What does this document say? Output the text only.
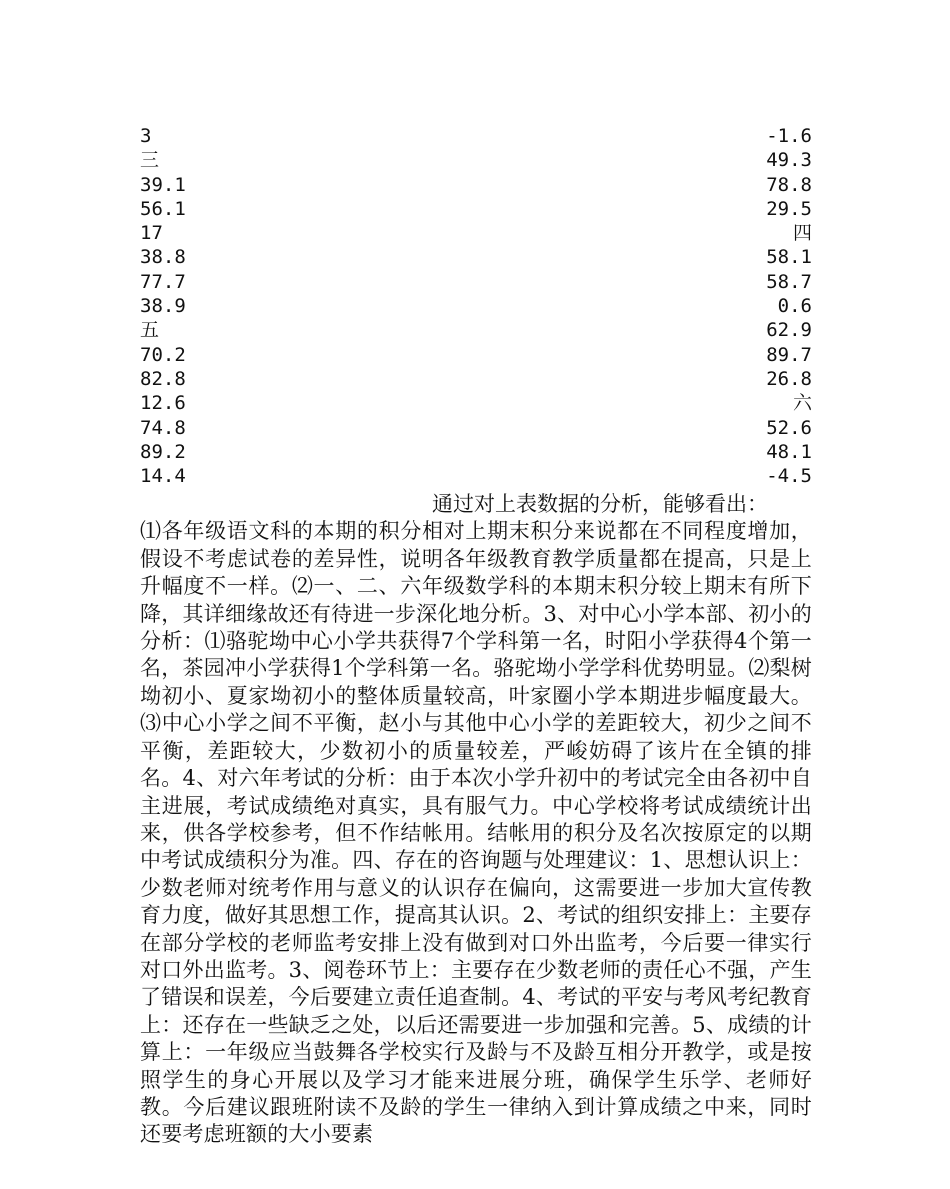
3	-1.6
三	49.3
39.1	78.8
56.1	29.5
17	四
38.8	58.1
77.7	58.7
38.9	0.6
五	62.9
70.2	89.7
82.8	26.8
12.6	六
74.8	52.6
89.2	48.1
14.4	-4.5
通过对上表数据的分析，能够看出：
⑴各年级语文科的本期的积分相对上期末积分来说都在不同程度增加，假设不考虑试卷的差异性，说明各年级教育教学质量都在提高，只是上升幅度不一样。⑵一、二、六年级数学科的本期末积分较上期末有所下降，其详细缘故还有待进一步深化地分析。3、对中心小学本部、初小的分析：⑴骆驼坳中心小学共获得7个学科第一名，时阳小学获得4个第一名，茶园冲小学获得1个学科第一名。骆驼坳小学学科优势明显。⑵梨树坳初小、夏家坳初小的整体质量较高，叶家圈小学本期进步幅度最大。⑶中心小学之间不平衡，赵小与其他中心小学的差距较大，初少之间不平衡，差距较大，少数初小的质量较差，严峻妨碍了该片在全镇的排名。4、对六年考试的分析：由于本次小学升初中的考试完全由各初中自主进展，考试成绩绝对真实，具有服气力。中心学校将考试成绩统计出来，供各学校参考，但不作结帐用。结帐用的积分及名次按原定的以期中考试成绩积分为准。四、存在的咨询题与处理建议：1、思想认识上：少数老师对统考作用与意义的认识存在偏向，这需要进一步加大宣传教育力度，做好其思想工作，提高其认识。2、考试的组织安排上：主要存在部分学校的老师监考安排上没有做到对口外出监考，今后要一律实行对口外出监考。3、阅卷环节上：主要存在少数老师的责任心不强，产生了错误和误差，今后要建立责任追查制。4、考试的平安与考风考纪教育上：还存在一些缺乏之处，以后还需要进一步加强和完善。5、成绩的计算上：一年级应当鼓舞各学校实行及龄与不及龄互相分开教学，或是按照学生的身心开展以及学习才能来进展分班，确保学生乐学、老师好教。今后建议跟班附读不及龄的学生一律纳入到计算成绩之中来，同时还要考虑班额的大小要素
